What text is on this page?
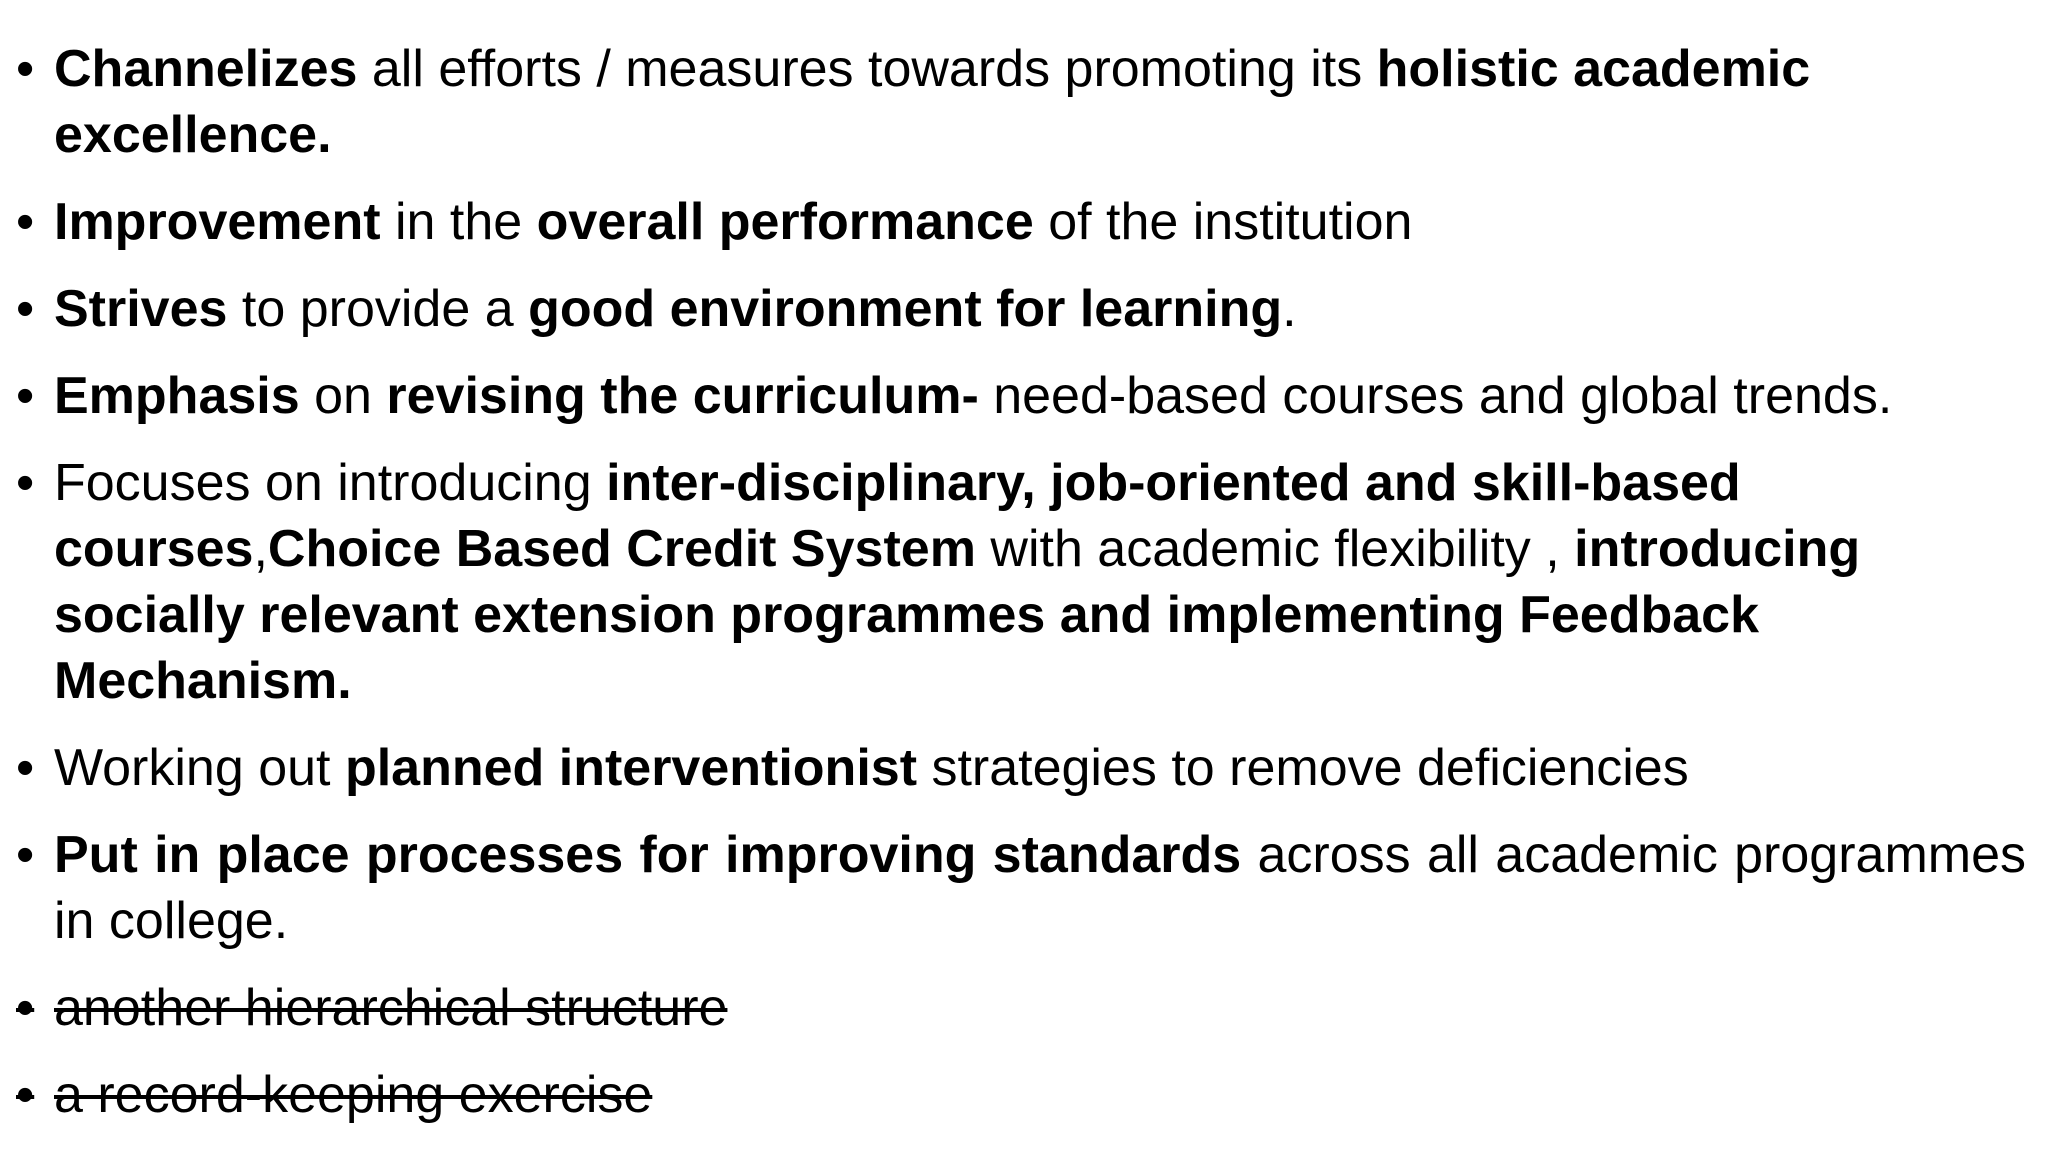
• Channelizes all efforts / measures towards promoting its holistic academic excellence.
• Improvement in the overall performance of the institution
• Strives to provide a good environment for learning.
• Emphasis on revising the curriculum- need-based courses and global trends.
• Focuses on introducing inter-disciplinary, job-oriented and skill-based courses,Choice Based Credit System with academic flexibility , introducing socially relevant extension programmes and implementing Feedback Mechanism.
• Working out planned interventionist strategies to remove deficiencies
• Put in place processes for improving standards across all academic programmes in college.
• another hierarchical structure
• a record-keeping exercise
